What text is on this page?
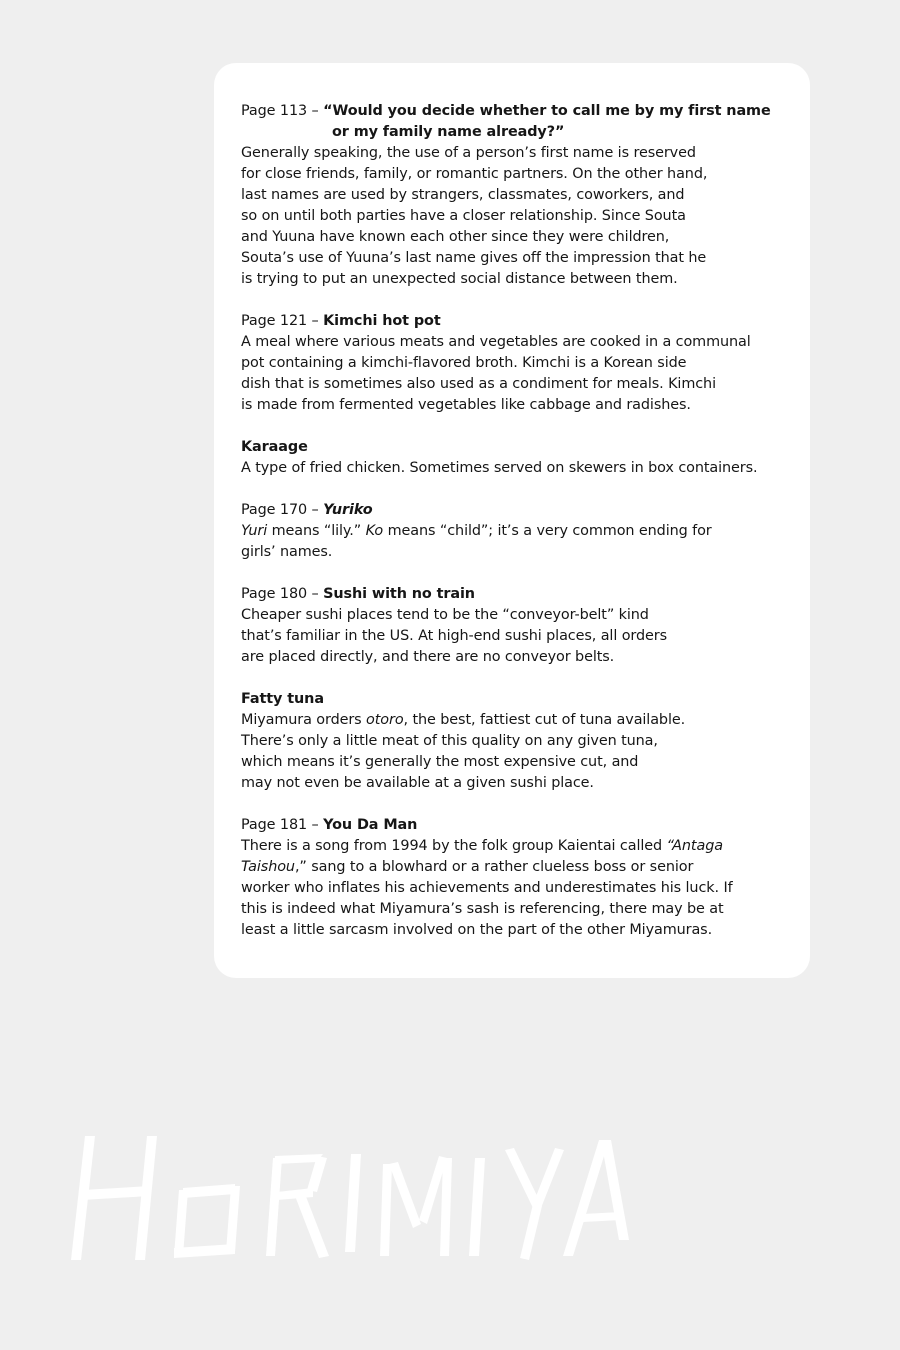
Page 113 – “Would you decide whether to call me by my first name
or my family name already?”
Generally speaking, the use of a person’s first name is reserved
for close friends, family, or romantic partners. On the other hand,
last names are used by strangers, classmates, coworkers, and
so on until both parties have a closer relationship. Since Souta
and Yuuna have known each other since they were children,
Souta’s use of Yuuna’s last name gives off the impression that he
is trying to put an unexpected social distance between them.
Page 121 – Kimchi hot pot
A meal where various meats and vegetables are cooked in a communal
pot containing a kimchi-flavored broth. Kimchi is a Korean side
dish that is sometimes also used as a condiment for meals. Kimchi
is made from fermented vegetables like cabbage and radishes.
Karaage
A type of fried chicken. Sometimes served on skewers in box containers.
Page 170 – Yuriko
Yuri means “lily.” Ko means “child”; it’s a very common ending for
girls’ names.
Page 180 – Sushi with no train
Cheaper sushi places tend to be the “conveyor-belt” kind
that’s familiar in the US. At high-end sushi places, all orders
are placed directly, and there are no conveyor belts.
Fatty tuna
Miyamura orders otoro, the best, fattiest cut of tuna available.
There’s only a little meat of this quality on any given tuna,
which means it’s generally the most expensive cut, and
may not even be available at a given sushi place.
Page 181 – You Da Man
There is a song from 1994 by the folk group Kaientai called “Antaga
Taishou,” sang to a blowhard or a rather clueless boss or senior
worker who inflates his achievements and underestimates his luck. If
this is indeed what Miyamura’s sash is referencing, there may be at
least a little sarcasm involved on the part of the other Miyamuras.
